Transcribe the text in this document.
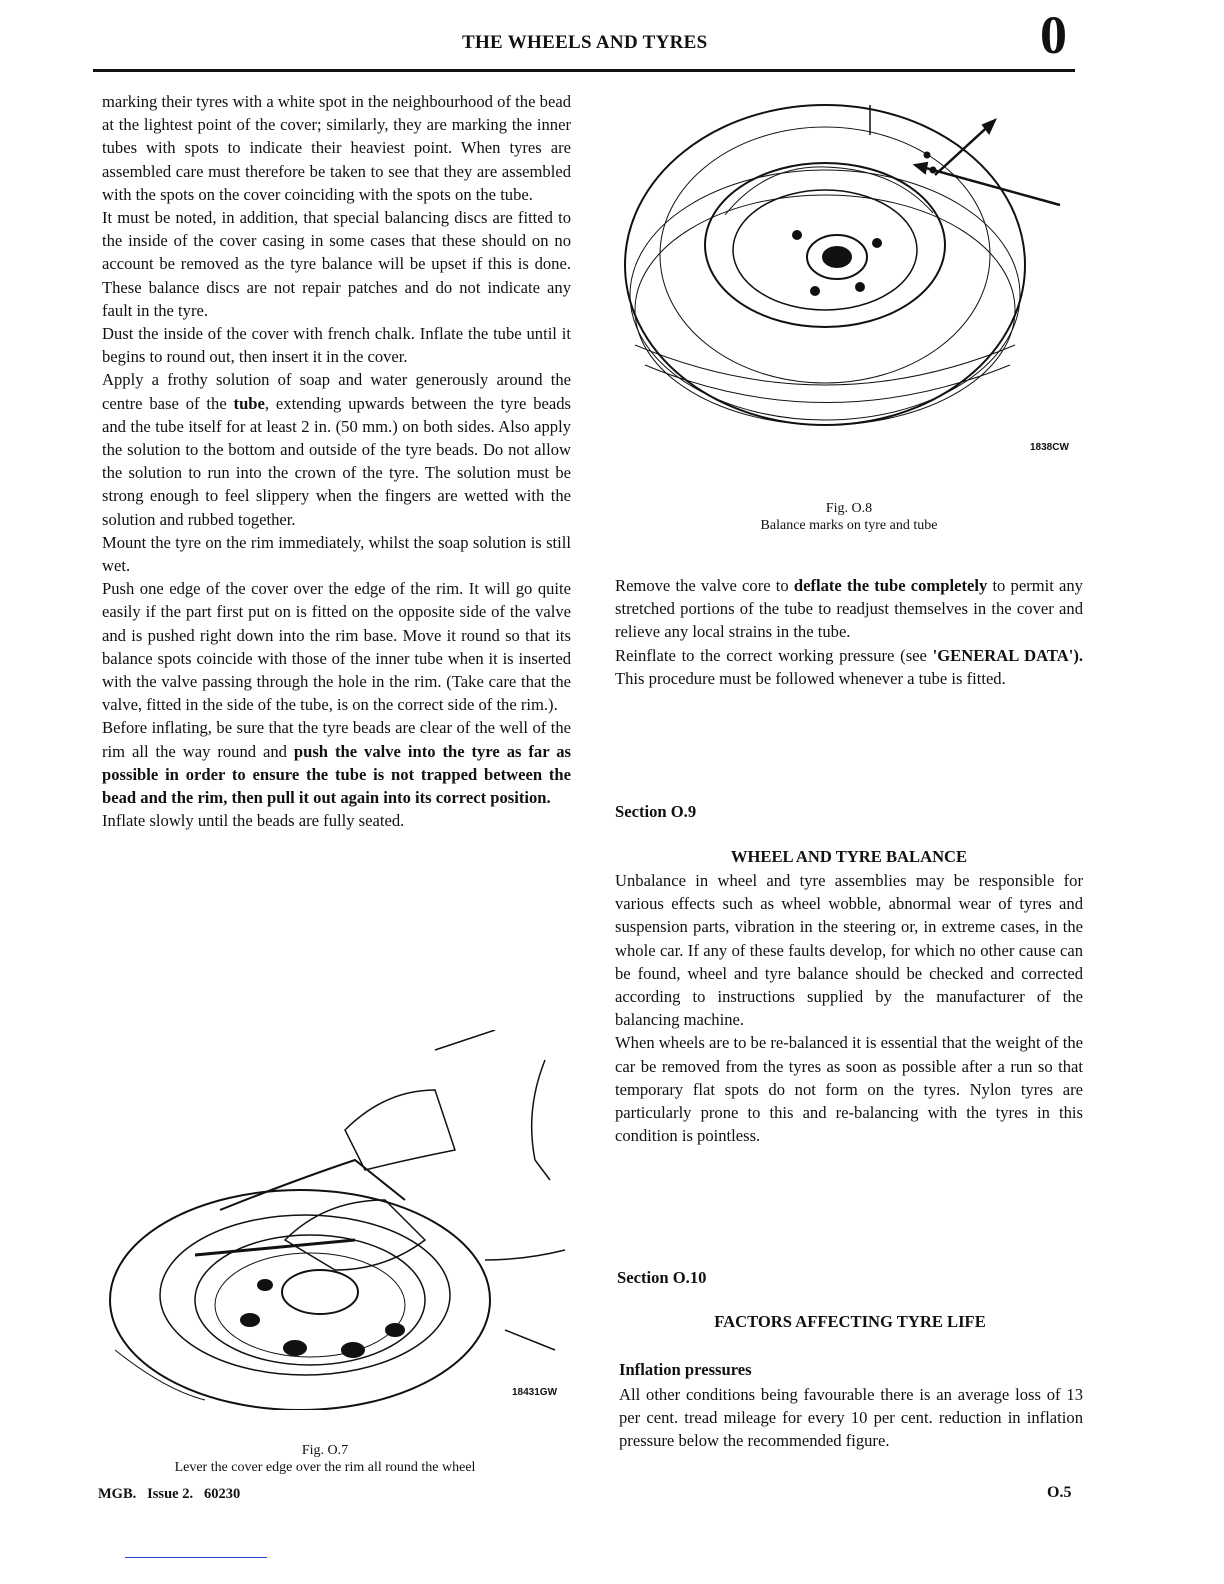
THE WHEELS AND TYRES	0

marking their tyres with a white spot in the neighbourhood of the bead at the lightest point of the cover; similarly, they are marking the inner tubes with spots to indicate their heaviest point. When tyres are assembled care must therefore be taken to see that they are assembled with the spots on the cover coinciding with the spots on the tube.

It must be noted, in addition, that special balancing discs are fitted to the inside of the cover casing in some cases that these should on no account be removed as the tyre balance will be upset if this is done. These balance discs are not repair patches and do not indicate any fault in the tyre.

Dust the inside of the cover with french chalk. Inflate the tube until it begins to round out, then insert it in the cover.

Apply a frothy solution of soap and water generously around the centre base of the tube, extending upwards between the tyre beads and the tube itself for at least 2 in. (50 mm.) on both sides. Also apply the solution to the bottom and outside of the tyre beads. Do not allow the solution to run into the crown of the tyre. The solution must be strong enough to feel slippery when the fingers are wetted with the solution and rubbed together.

Mount the tyre on the rim immediately, whilst the soap solution is still wet.

Push one edge of the cover over the edge of the rim. It will go quite easily if the part first put on is fitted on the opposite side of the valve and is pushed right down into the rim base. Move it round so that its balance spots coincide with those of the inner tube when it is inserted with the valve passing through the hole in the rim. (Take care that the valve, fitted in the side of the tube, is on the correct side of the rim.).

Before inflating, be sure that the tyre beads are clear of the well of the rim all the way round and push the valve into the tyre as far as possible in order to ensure the tube is not trapped between the bead and the rim, then pull it out again into its correct position.

Inflate slowly until the beads are fully seated.

1838CW
Fig. O.8
Balance marks on tyre and tube

Remove the valve core to deflate the tube completely to permit any stretched portions of the tube to readjust themselves in the cover and relieve any local strains in the tube.

Reinflate to the correct working pressure (see 'GENERAL DATA'). This procedure must be followed whenever a tube is fitted.

Section O.9
WHEEL AND TYRE BALANCE

Unbalance in wheel and tyre assemblies may be responsible for various effects such as wheel wobble, abnormal wear of tyres and suspension parts, vibration in the steering or, in extreme cases, in the whole car. If any of these faults develop, for which no other cause can be found, wheel and tyre balance should be checked and corrected according to instructions supplied by the manufacturer of the balancing machine.

When wheels are to be re-balanced it is essential that the weight of the car be removed from the tyres as soon as possible after a run so that temporary flat spots do not form on the tyres. Nylon tyres are particularly prone to this and re-balancing with the tyres in this condition is pointless.

Section O.10
FACTORS AFFECTING TYRE LIFE
Inflation pressures

All other conditions being favourable there is an average loss of 13 per cent. tread mileage for every 10 per cent. reduction in inflation pressure below the recommended figure.

18431GW
Fig. O.7
Lever the cover edge over the rim all round the wheel
MGB.   Issue 2.   60230	O.5
